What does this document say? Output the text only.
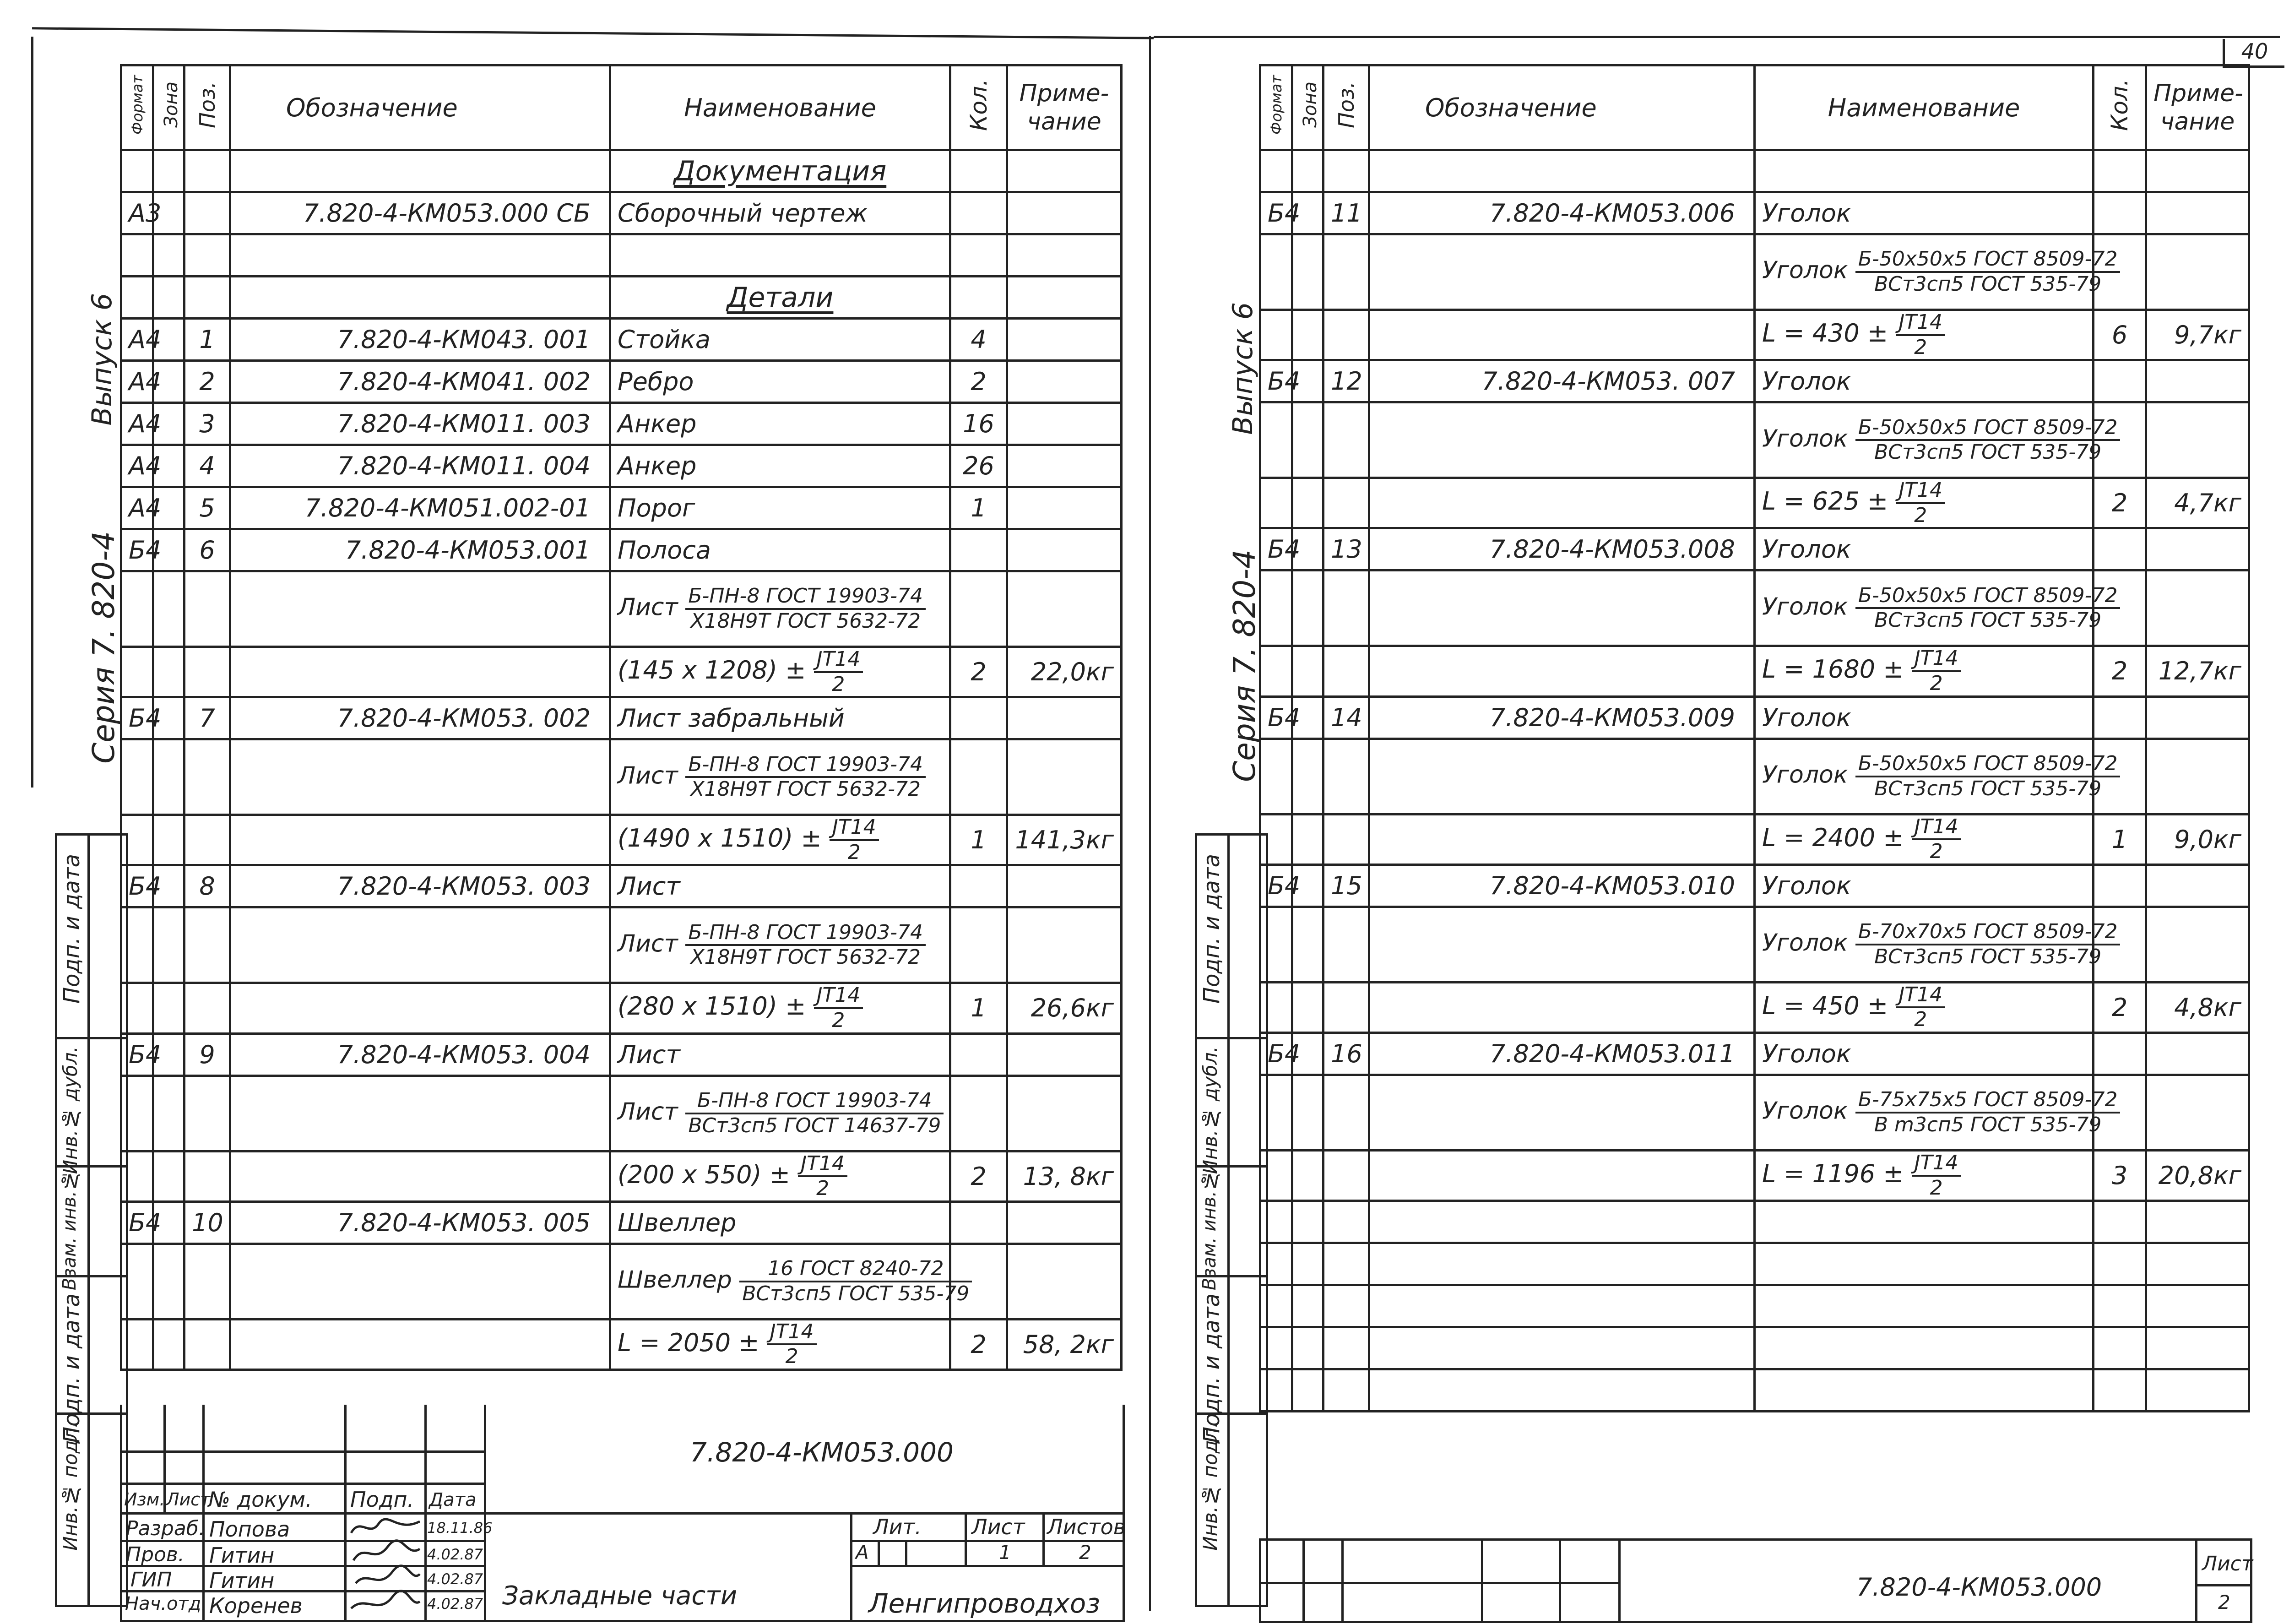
40
Выпуск 6
Серия 7. 820-4
Подп. и дата
Инв.№ дубл.
Взам. инв.№
Подп. и дата
Инв.№ подл.
Формат	Зона	Поз.	Обозначение	Наименование	Кол.	Приме-чание
				Документация		
А3			7.820-4-КМ053.000 СБ	Сборочный чертеж		

				Детали		
А4		1	7.820-4-КМ043. 001	Стойка	4	
А4		2	7.820-4-КМ041. 002	Ребро	2	
А4		3	7.820-4-КМ011. 003	Анкер	16	
А4		4	7.820-4-КМ011. 004	Анкер	26	
А4		5	7.820-4-КМ051.002-01	Порог	1	
Б4		6	7.820-4-КМ053.001	Полоса		
				Лист $\frac{\text{Б-ПН-8 ГОСТ 19903-74}}{\text{Х18Н9Т ГОСТ 5632-72}}$

				(145 x $1208) \pm \frac{JT14}{2}$	2	22,0кг
Б4		7	7.820-4-КМ053. 002	Лист забральный		
				Лист $\frac{\text{Б-ПН-8 ГОСТ 19903-74}}{\text{Х18Н9Т ГОСТ 5632-72}}$

				(1490 x $1510) \pm \frac{JT14}{2}$	1	141,3кг
Б4		8	7.820-4-КМ053. 003	Лист		
				Лист $\frac{\text{Б-ПН-8 ГОСТ 19903-74}}{\text{Х18Н9Т ГОСТ 5632-72}}$

				(280 x $1510) \pm \frac{JT14}{2}$	1	26,6кг
Б4		9	7.820-4-КМ053. 004	Лист		
				Лист $\frac{\text{Б-ПН-8 ГОСТ 19903-74}}{\text{ВСт3сп5 ГОСТ 14637-79}}$

				(200 x $550) \pm \frac{JT14}{2}$	2	13, 8кг
Б4		10	7.820-4-КМ053. 005	Швеллер		
				Швеллер $\frac{\text{16 ГОСТ 8240-72}}{\text{ВСт3сп5 ГОСТ 535-79}}$

				$L = 2050 \pm \frac{JT14}{2}$	2	58, 2кг
7.820-4-КМ053.000
Изм. Лист
№ докум. Подп. Дата
Разраб. Попова	18.11.86
Пров. Гитин	4.02.87
ГИП Гитин	4.02.87
Нач.отд. Коренев	4.02.87 Закладные части
Лит. Лист Листов
А	1	2
Ленгипроводхоз
Выпуск 6
Серия 7. 820-4
Подп. и дата
Инв.№ дубл.
Взам. инв.№
Подп. и дата
Инв.№ подл.
Формат	Зона	Поз.	Обозначение	Наименование	Кол.	Приме-чание

Б4		11	7.820-4-КМ053.006	Уголок		
				Уголок $\frac{\text{Б-50x50x5 ГОСТ 8509-72}}{\text{ВСт3сп5 ГОСТ 535-79}}$

				$L = 430 \pm \frac{JT14}{2}$	6	9,7кг
Б4		12	7.820-4-КМ053. 007	Уголок		
				Уголок $\frac{\text{Б-50x50x5 ГОСТ 8509-72}}{\text{ВСт3сп5 ГОСТ 535-79}}$

				$L = 625 \pm \frac{JT14}{2}$	2	4,7кг
Б4		13	7.820-4-КМ053.008	Уголок		
				Уголок $\frac{\text{Б-50x50x5 ГОСТ 8509-72}}{\text{ВСт3сп5 ГОСТ 535-79}}$

				$L = 1680 \pm \frac{JT14}{2}$	2	12,7кг
Б4		14	7.820-4-КМ053.009	Уголок		
				Уголок $\frac{\text{Б-50x50x5 ГОСТ 8509-72}}{\text{ВСт3сп5 ГОСТ 535-79}}$

				$L = 2400 \pm \frac{JT14}{2}$	1	9,0кг
Б4		15	7.820-4-КМ053.010	Уголок		
				Уголок $\frac{\text{Б-70x70x5 ГОСТ 8509-72}}{\text{ВСт3сп5 ГОСТ 535-79}}$

				$L = 450 \pm \frac{JT14}{2}$	2	4,8кг
Б4		16	7.820-4-КМ053.011	Уголок		
				Уголок $\frac{\text{Б-75x75x5 ГОСТ 8509-72}}{\text{В m3сп5 ГОСТ 535-79}}$

				$L = 1196 \pm \frac{JT14}{2}$	3	20,8кг

7.820-4-КМ053.000
Лист
2
